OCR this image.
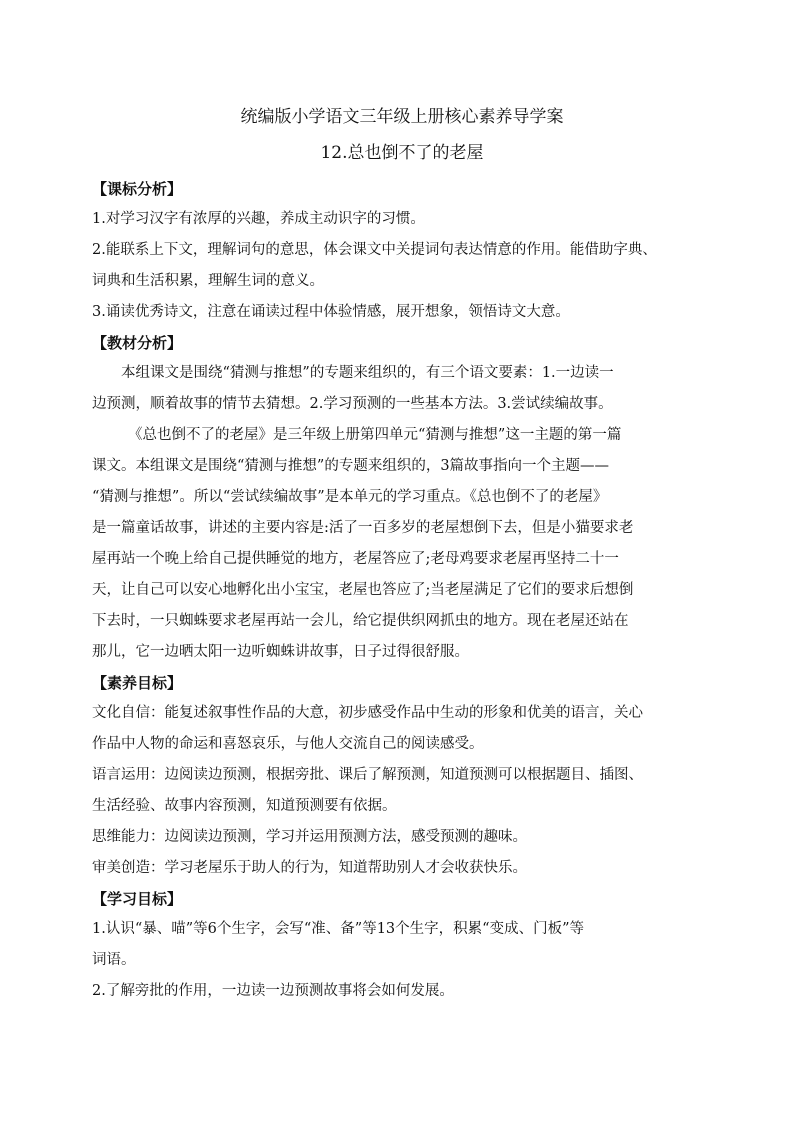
统编版小学语文三年级上册核心素养导学案
12.总也倒不了的老屋

【课标分析】

1.对学习汉字有浓厚的兴趣，养成主动识字的习惯。

2.能联系上下文，理解词句的意思，体会课文中关提词句表达情意的作用。能借助字典、

词典和生活积累，理解生词的意义。

3.诵读优秀诗文，注意在诵读过程中体验情感，展开想象，领悟诗文大意。

【教材分析】

本组课文是围绕“猜测与推想”的专题来组织的，有三个语文要素：1.一边读一

边预测，顺着故事的情节去猜想。2.学习预测的一些基本方法。3.尝试续编故事。

《总也倒不了的老屋》是三年级上册第四单元“猜测与推想”这一主题的第一篇

课文。本组课文是围绕“猜测与推想”的专题来组织的，3篇故事指向一个主题——

“猜测与推想”。所以“尝试续编故事”是本单元的学习重点。《总也倒不了的老屋》

是一篇童话故事，讲述的主要内容是:活了一百多岁的老屋想倒下去，但是小猫要求老

屋再站一个晚上给自己提供睡觉的地方，老屋答应了;老母鸡要求老屋再坚持二十一

天，让自己可以安心地孵化出小宝宝，老屋也答应了;当老屋满足了它们的要求后想倒

下去时，一只蜘蛛要求老屋再站一会儿，给它提供织网抓虫的地方。现在老屋还站在

那儿，它一边晒太阳一边听蜘蛛讲故事，日子过得很舒服。

【素养目标】

文化自信：能复述叙事性作品的大意，初步感受作品中生动的形象和优美的语言，关心

作品中人物的命运和喜怒哀乐，与他人交流自己的阅读感受。

语言运用：边阅读边预测，根据旁批、课后了解预测，知道预测可以根据题目、插图、

生活经验、故事内容预测，知道预测要有依据。

思维能力：边阅读边预测，学习并运用预测方法，感受预测的趣味。

审美创造：学习老屋乐于助人的行为，知道帮助别人才会收获快乐。

【学习目标】

1.认识“暴、喵”等6个生字，会写“准、备”等13个生字，积累“变成、门板”等

词语。

2.了解旁批的作用，一边读一边预测故事将会如何发展。
